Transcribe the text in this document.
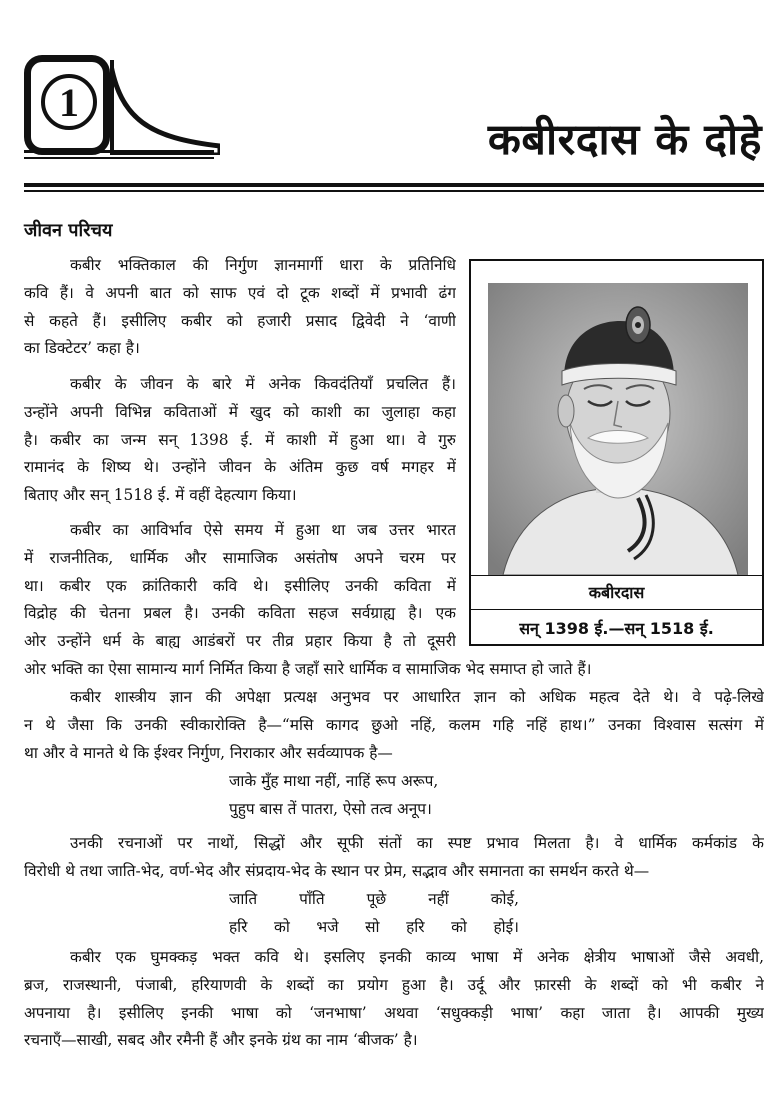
1
कबीरदास के दोहे
जीवन परिचय
कबीर भक्तिकाल की निर्गुण ज्ञानमार्गी धारा के प्रतिनिधि
कवि हैं। वे अपनी बात को साफ एवं दो टूक शब्दों में प्रभावी ढंग
से कहते हैं। इसीलिए कबीर को हजारी प्रसाद द्विवेदी ने ‘वाणी
का डिक्टेटर’ कहा है।
कबीर के जीवन के बारे में अनेक किवदंतियाँ प्रचलित हैं।
उन्होंने अपनी विभिन्न कविताओं में खुद को काशी का जुलाहा कहा
है। कबीर का जन्म सन् 1398 ई. में काशी में हुआ था। वे गुरु
रामानंद के शिष्य थे। उन्होंने जीवन के अंतिम कुछ वर्ष मगहर में
बिताए और सन् 1518 ई. में वहीं देहत्याग किया।
कबीर का आविर्भाव ऐसे समय में हुआ था जब उत्तर भारत
में राजनीतिक, धार्मिक और सामाजिक असंतोष अपने चरम पर
था। कबीर एक क्रांतिकारी कवि थे। इसीलिए उनकी कविता में
विद्रोह की चेतना प्रबल है। उनकी कविता सहज सर्वग्राह्य है। एक
ओर उन्होंने धर्म के बाह्य आडंबरों पर तीव्र प्रहार किया है तो दूसरी
ओर भक्ति का ऐसा सामान्य मार्ग निर्मित किया है जहाँ सारे धार्मिक व सामाजिक भेद समाप्त हो जाते हैं।
कबीरदास
सन् 1398 ई.—सन् 1518 ई.
कबीर शास्त्रीय ज्ञान की अपेक्षा प्रत्यक्ष अनुभव पर आधारित ज्ञान को अधिक महत्व देते थे। वे पढ़े-लिखे
न थे जैसा कि उनकी स्वीकारोक्ति है—“मसि कागद छुओ नहिं, कलम गहि नहिं हाथ।” उनका विश्वास सत्संग में
था और वे मानते थे कि ईश्वर निर्गुण, निराकार और सर्वव्यापक है—
जाके मुँह माथा नहीं, नाहिं रूप अरूप,
पुहुप बास तें पातरा, ऐसो तत्व अनूप।
उनकी रचनाओं पर नाथों, सिद्धों और सूफी संतों का स्पष्ट प्रभाव मिलता है। वे धार्मिक कर्मकांड के
विरोधी थे तथा जाति-भेद, वर्ण-भेद और संप्रदाय-भेद के स्थान पर प्रेम, सद्भाव और समानता का समर्थन करते थे—
जाति पाँति पूछे नहीं कोई,
हरि को भजे सो हरि को होई।
कबीर एक घुमक्कड़ भक्त कवि थे। इसलिए इनकी काव्य भाषा में अनेक क्षेत्रीय भाषाओं जैसे अवधी,
ब्रज, राजस्थानी, पंजाबी, हरियाणवी के शब्दों का प्रयोग हुआ है। उर्दू और फ़ारसी के शब्दों को भी कबीर ने
अपनाया है। इसीलिए इनकी भाषा को ‘जनभाषा’ अथवा ‘सधुक्कड़ी भाषा’ कहा जाता है। आपकी मुख्य
रचनाएँ—साखी, सबद और रमैनी हैं और इनके ग्रंथ का नाम ‘बीजक’ है।
